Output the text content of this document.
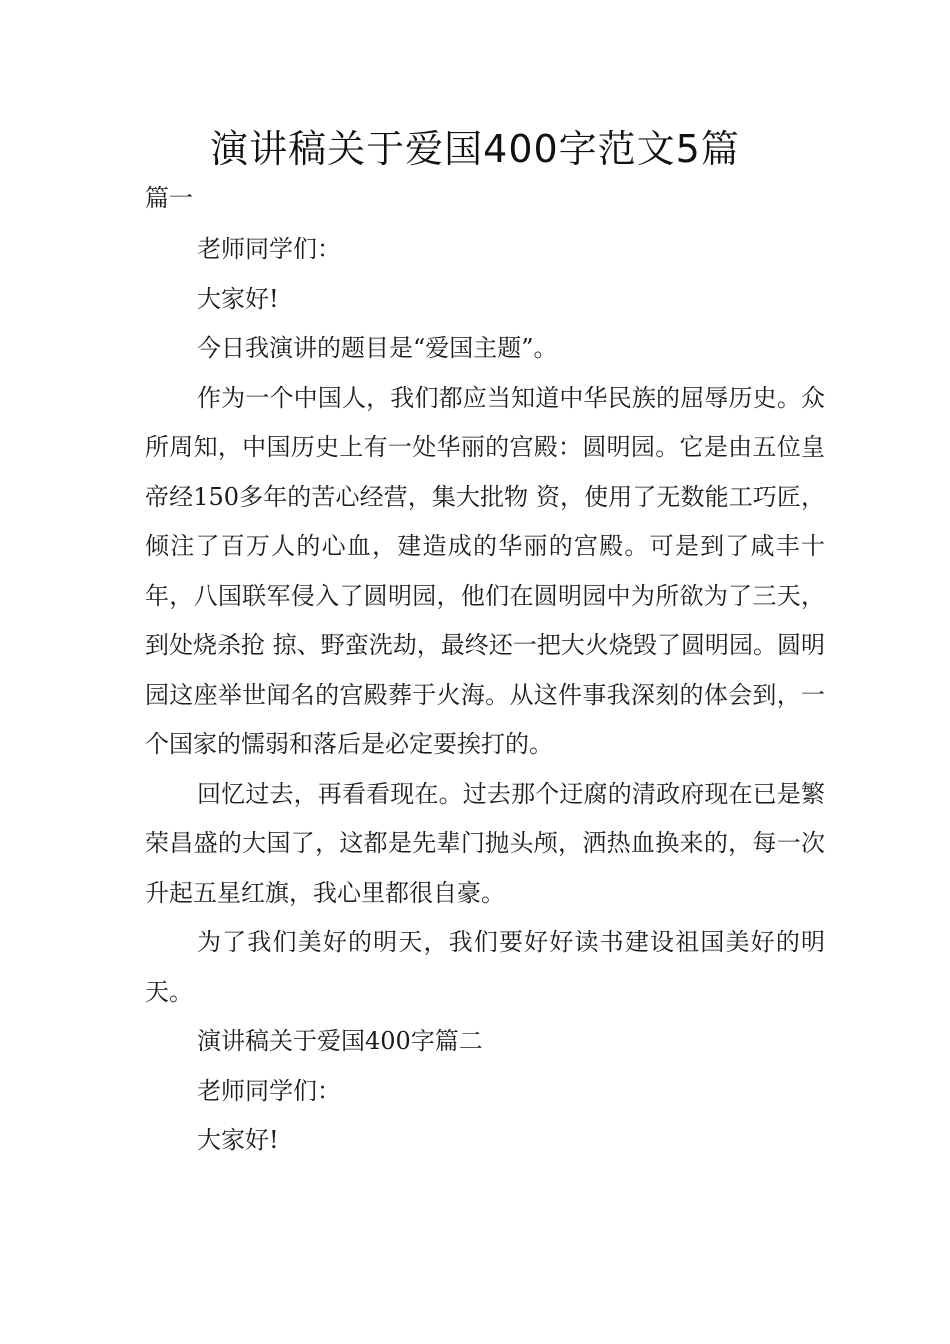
演讲稿关于爱国400字范文5篇
篇一

老师同学们：

大家好!

今日我演讲的题目是“爱国主题”。

作为一个中国人，我们都应当知道中华民族的屈辱历史。众所周知，中国历史上有一处华丽的宫殿：圆明园。它是由五位皇帝经150多年的苦心经营，集大批物 资，使用了无数能工巧匠，倾注了百万人的心血，建造成的华丽的宫殿。可是到了咸丰十年，八国联军侵入了圆明园，他们在圆明园中为所欲为了三天，到处烧杀抢 掠、野蛮洗劫，最终还一把大火烧毁了圆明园。圆明园这座举世闻名的宫殿葬于火海。从这件事我深刻的体会到，一个国家的懦弱和落后是必定要挨打的。

回忆过去，再看看现在。过去那个迂腐的清政府现在已是繁荣昌盛的大国了，这都是先辈门抛头颅，洒热血换来的，每一次升起五星红旗，我心里都很自豪。

为了我们美好的明天，我们要好好读书建设祖国美好的明天。

演讲稿关于爱国400字篇二

老师同学们：

大家好!
